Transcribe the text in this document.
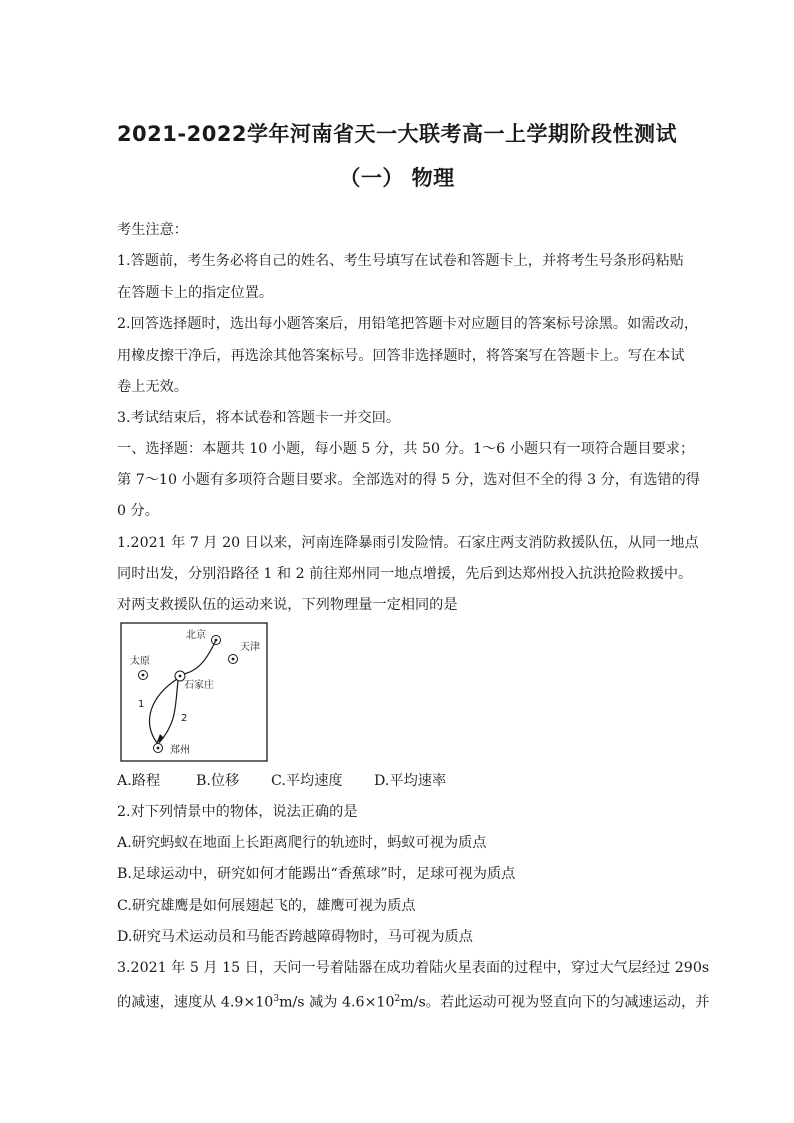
2021-2022学年河南省天一大联考高一上学期阶段性测试
（一） 物理
考生注意：
1.答题前，考生务必将自己的姓名、考生号填写在试卷和答题卡上，并将考生号条形码粘贴
在答题卡上的指定位置。
2.回答选择题时，选出每小题答案后，用铅笔把答题卡对应题目的答案标号涂黑。如需改动，
用橡皮擦干净后，再选涂其他答案标号。回答非选择题时，将答案写在答题卡上。写在本试
卷上无效。
3.考试结束后，将本试卷和答题卡一并交回。
一、选择题：本题共 10 小题，每小题 5 分，共 50 分。1～6 小题只有一项符合题目要求；
第 7～10 小题有多项符合题目要求。全部选对的得 5 分，选对但不全的得 3 分，有选错的得
0 分。
1.2021 年 7 月 20 日以来，河南连降暴雨引发险情。石家庄两支消防救援队伍，从同一地点
同时出发，分别沿路径 1 和 2 前往郑州同一地点增援，先后到达郑州投入抗洪抢险救援中。
对两支救援队伍的运动来说，下列物理量一定相同的是
北京
天津
太原
石家庄
郑州
1
2
A.路程	B.位移 C.平均速度 D.平均速率
2.对下列情景中的物体，说法正确的是
A.研究蚂蚁在地面上长距离爬行的轨迹时，蚂蚁可视为质点
B.足球运动中，研究如何才能踢出“香蕉球”时，足球可视为质点
C.研究雄鹰是如何展翅起飞的，雄鹰可视为质点
D.研究马术运动员和马能否跨越障碍物时，马可视为质点
3.2021 年 5 月 15 日，天问一号着陆器在成功着陆火星表面的过程中，穿过大气层经过 290s
的减速，速度从 $4.9\times 10^3m/s$ 减为 $4.6\times 10^2m/s$。若此运动可视为竖直向下的匀减速运动，并
